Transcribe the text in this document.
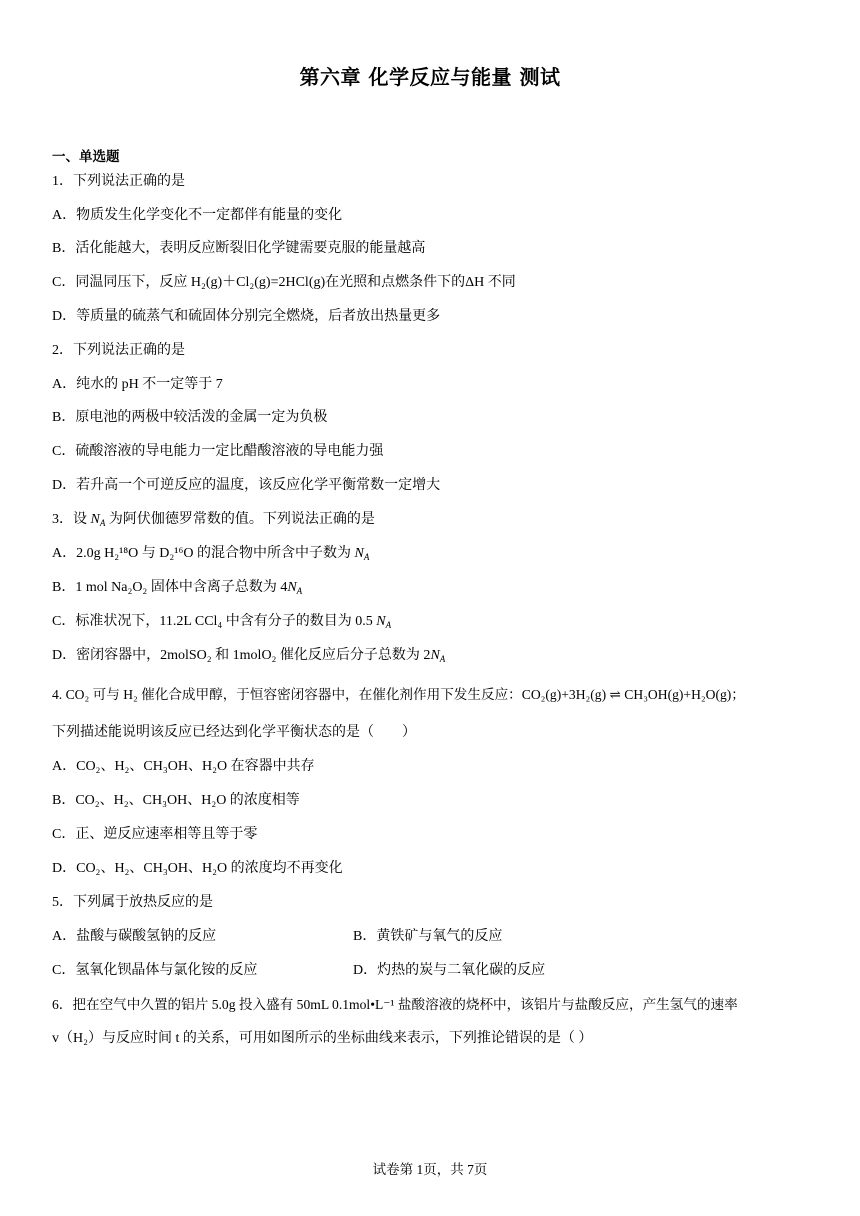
第六章 化学反应与能量 测试
一、单选题
1．下列说法正确的是
A．物质发生化学变化不一定都伴有能量的变化
B．活化能越大，表明反应断裂旧化学键需要克服的能量越高
C．同温同压下，反应 H₂(g)＋Cl₂(g)=2HCl(g)在光照和点燃条件下的ΔH 不同
D．等质量的硫蒸气和硫固体分别完全燃烧，后者放出热量更多
2．下列说法正确的是
A．纯水的 pH 不一定等于 7
B．原电池的两极中较活泼的金属一定为负极
C．硫酸溶液的导电能力一定比醋酸溶液的导电能力强
D．若升高一个可逆反应的温度，该反应化学平衡常数一定增大
3．设 $N_A$ 为阿伏伽德罗常数的值。下列说法正确的是
A．2.0g H₂¹⁸O 与 D₂¹⁶O 的混合物中所含中子数为 $N_A$
B．1 mol Na₂O₂ 固体中含离子总数为 $4N_A$
C．标准状况下，11.2L CCl₄ 中含有分子的数目为 0.5 $N_A$
D．密闭容器中，2molSO₂ 和 1molO₂ 催化反应后分子总数为 $2N_A$
4. CO₂ 可与 H₂ 催化合成甲醇，于恒容密闭容器中，在催化剂作用下发生反应：CO₂(g)+3H₂(g) ⇌ CH₃OH(g)+H₂O(g)；
下列描述能说明该反应已经达到化学平衡状态的是（　　）
A．CO₂、H₂、CH₃OH、H₂O 在容器中共存
B．CO₂、H₂、CH₃OH、H₂O 的浓度相等
C．正、逆反应速率相等且等于零
D．CO₂、H₂、CH₃OH、H₂O 的浓度均不再变化
5．下列属于放热反应的是
A．盐酸与碳酸氢钠的反应	B．黄铁矿与氧气的反应
C．氢氧化钡晶体与氯化铵的反应	D．灼热的炭与二氧化碳的反应
6．把在空气中久置的铝片 5.0g 投入盛有 50mL 0.1mol•L⁻¹ 盐酸溶液的烧杯中，该铝片与盐酸反应，产生氢气的速率
v（H₂）与反应时间 t 的关系，可用如图所示的坐标曲线来表示，下列推论错误的是（ ）
试卷第 1页，共 7页
